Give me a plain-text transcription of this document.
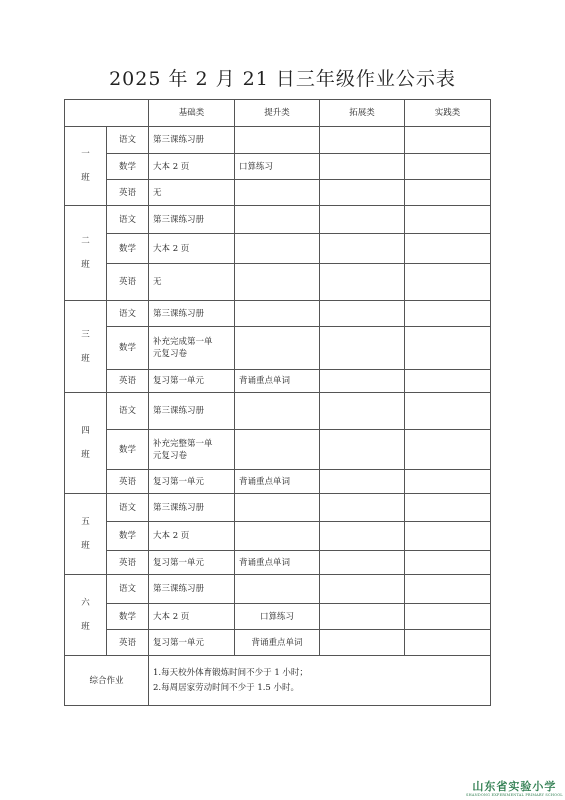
2025 年 2 月 21 日三年级作业公示表
		基础类	提升类	拓展类	实践类
一

班	语文	第三课练习册			
	数学	大本 2 页	口算练习		
	英语	无			
二

班	语文	第三课练习册			
	数学	大本 2 页			
	英语	无			
三

班	语文	第三课练习册			
	数学	补充完成第一单
元复习卷			
	英语	复习第一单元	背诵重点单词		
四

班	语文	第三课练习册			
	数学	补充完整第一单
元复习卷			
	英语	复习第一单元	背诵重点单词		
五

班	语文	第三课练习册			
	数学	大本 2 页			
	英语	复习第一单元	背诵重点单词		
六

班	语文	第三课练习册			
	数学	大本 2 页	口算练习		
	英语	复习第一单元	背诵重点单词		
综合作业		1.每天校外体育锻炼时间不少于 1 小时；
2.每周居家劳动时间不少于 1.5 小时。			
山东省实验小学
SHANDONG EXPERIMENTAL PRIMARY SCHOOL
